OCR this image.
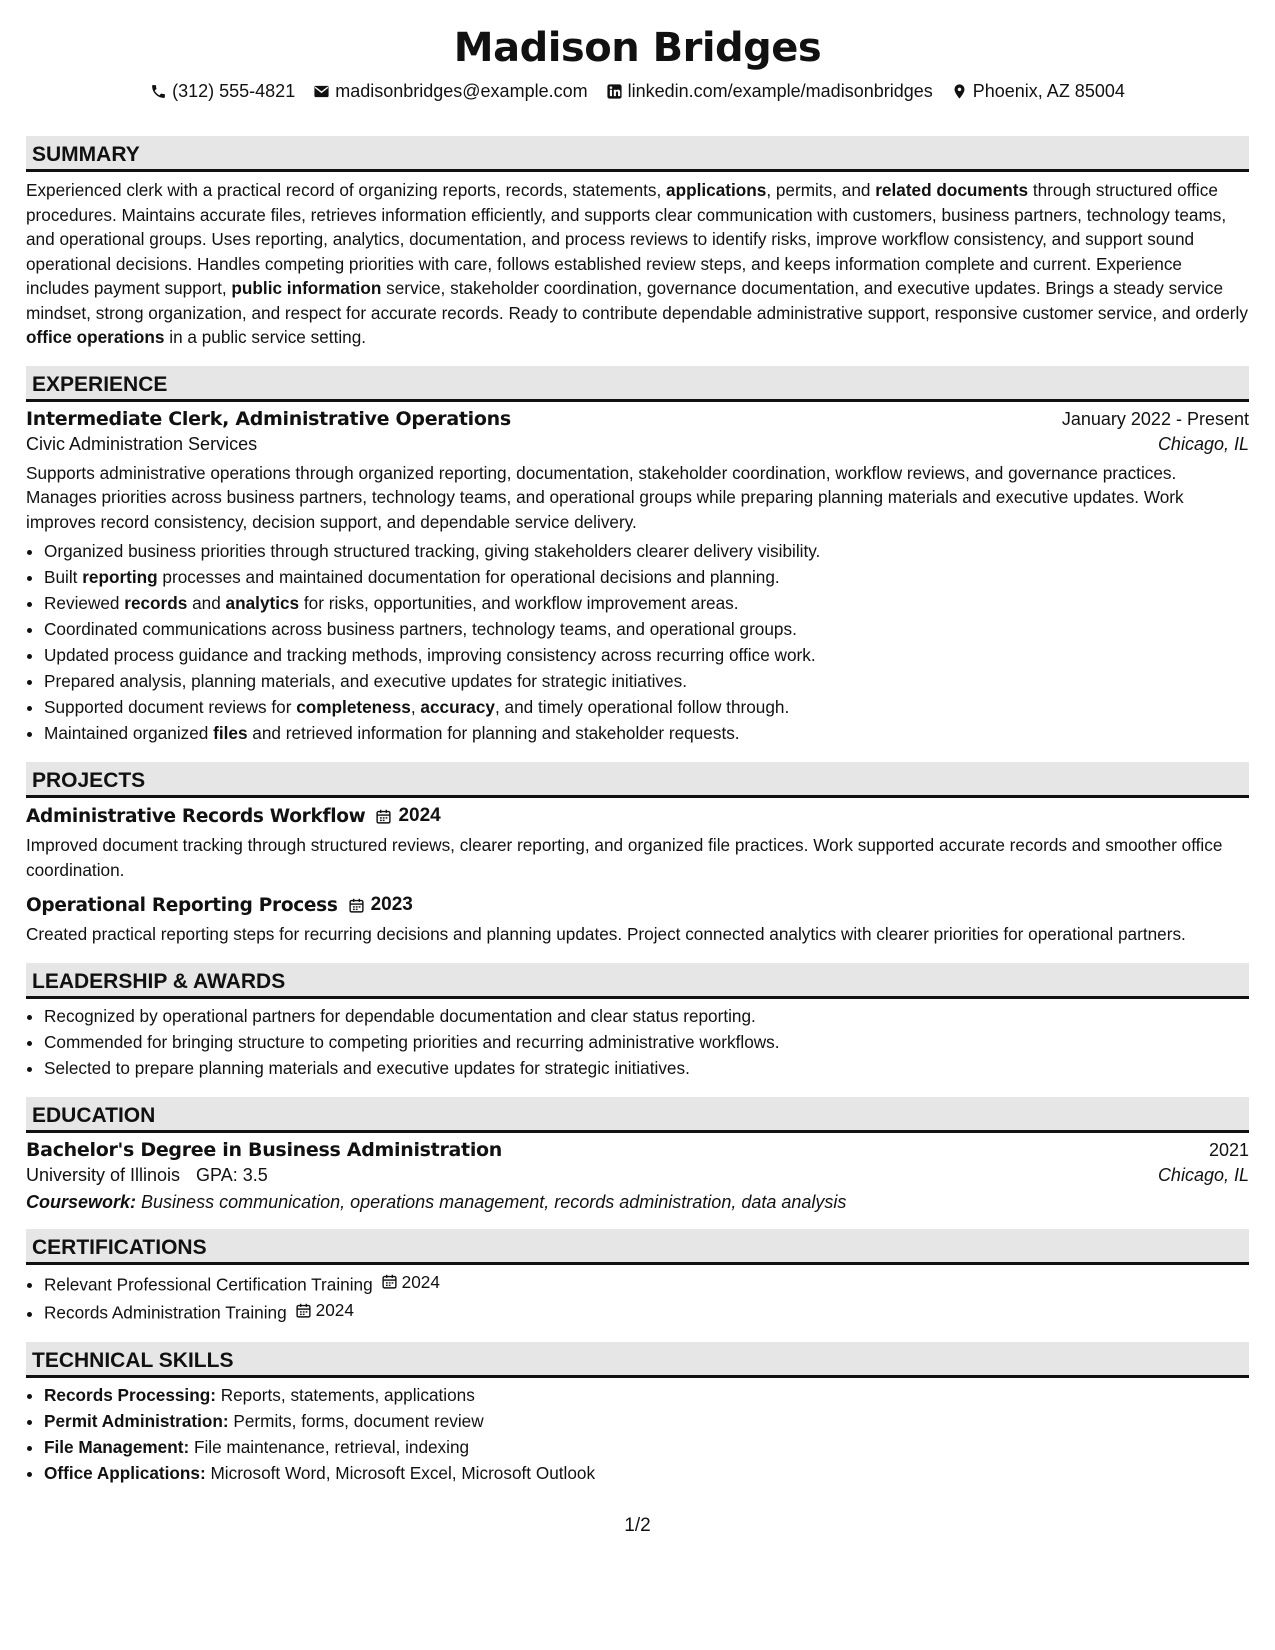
Madison Bridges
(312) 555-4821 madisonbridges@example.com linkedin.com/example/madisonbridges Phoenix, AZ 85004
SUMMARY

Experienced clerk with a practical record of organizing reports, records, statements, applications, permits, and related documents through structured office procedures. Maintains accurate files, retrieves information efficiently, and supports clear communication with customers, business partners, technology teams, and operational groups. Uses reporting, analytics, documentation, and process reviews to identify risks, improve workflow consistency, and support sound operational decisions. Handles competing priorities with care, follows established review steps, and keeps information complete and current. Experience includes payment support, public information service, stakeholder coordination, governance documentation, and executive updates. Brings a steady service mindset, strong organization, and respect for accurate records. Ready to contribute dependable administrative support, responsive customer service, and orderly office operations in a public service setting.

EXPERIENCE
Intermediate Clerk, Administrative Operations	January 2022 - Present
Civic Administration Services	Chicago, IL

Supports administrative operations through organized reporting, documentation, stakeholder coordination, workflow reviews, and governance practices. Manages priorities across business partners, technology teams, and operational groups while preparing planning materials and executive updates. Work improves record consistency, decision support, and dependable service delivery.

• Organized business priorities through structured tracking, giving stakeholders clearer delivery visibility.
• Built reporting processes and maintained documentation for operational decisions and planning.
• Reviewed records and analytics for risks, opportunities, and workflow improvement areas.
• Coordinated communications across business partners, technology teams, and operational groups.
• Updated process guidance and tracking methods, improving consistency across recurring office work.
• Prepared analysis, planning materials, and executive updates for strategic initiatives.
• Supported document reviews for completeness, accuracy, and timely operational follow through.
• Maintained organized files and retrieved information for planning and stakeholder requests.
PROJECTS
Administrative Records Workflow 2024

Improved document tracking through structured reviews, clearer reporting, and organized file practices. Work supported accurate records and smoother office coordination.

Operational Reporting Process 2023

Created practical reporting steps for recurring decisions and planning updates. Project connected analytics with clearer priorities for operational partners.

LEADERSHIP & AWARDS
• Recognized by operational partners for dependable documentation and clear status reporting.
• Commended for bringing structure to competing priorities and recurring administrative workflows.
• Selected to prepare planning materials and executive updates for strategic initiatives.
EDUCATION
Bachelor's Degree in Business Administration	2021
University of Illinois GPA: 3.5	Chicago, IL
Coursework: Business communication, operations management, records administration, data analysis
CERTIFICATIONS
• Relevant Professional Certification Training 2024
• Records Administration Training 2024
TECHNICAL SKILLS
• Records Processing: Reports, statements, applications
• Permit Administration: Permits, forms, document review
• File Management: File maintenance, retrieval, indexing
• Office Applications: Microsoft Word, Microsoft Excel, Microsoft Outlook
1/2
